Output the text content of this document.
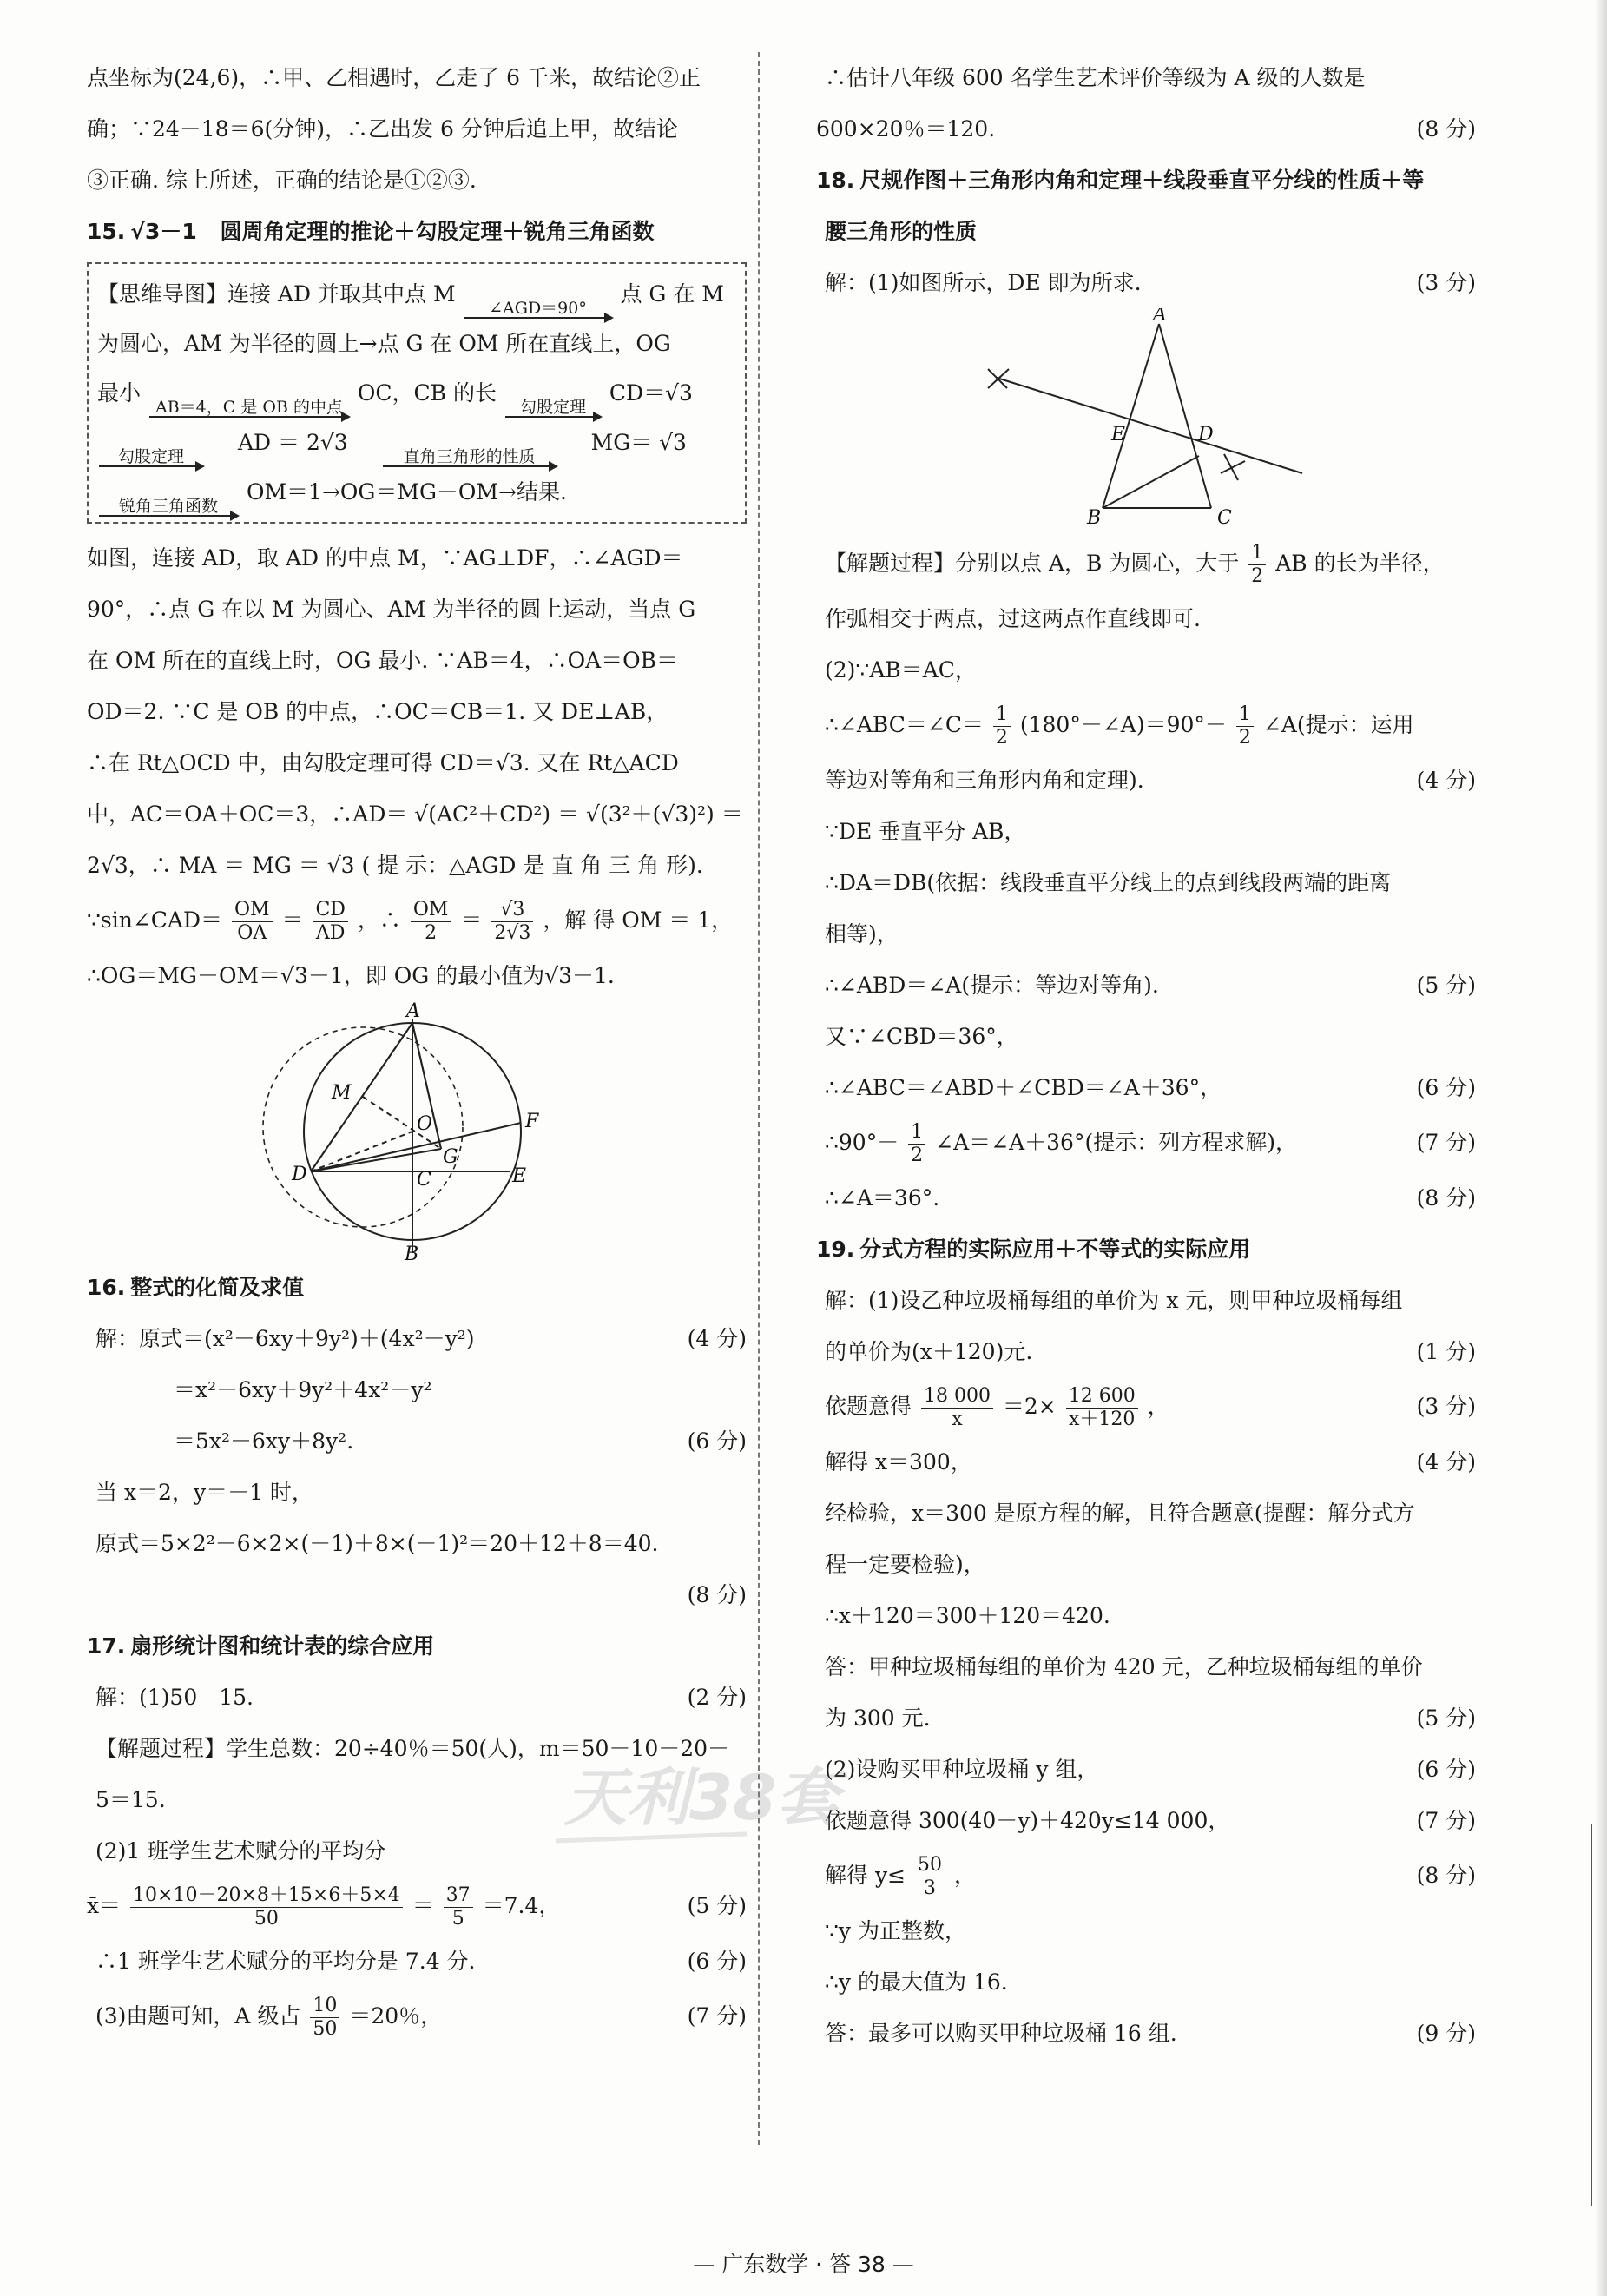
点坐标为(24,6)，∴甲、乙相遇时，乙走了 6 千米，故结论②正
确；∵24－18＝6(分钟)，∴乙出发 6 分钟后追上甲，故结论
③正确. 综上所述，正确的结论是①②③.
15. √3－1 圆周角定理的推论＋勾股定理＋锐角三角函数
【思维导图】连接 AD 并取其中点 M
∠AGD＝90°
点 G 在 M
为圆心，AM 为半径的圆上→点 G 在 OM 所在直线上，OG
最小
AB＝4，C 是 OB 的中点
OC，CB 的长
勾股定理
CD＝√3
勾股定理
AD ＝ 2√3
直角三角形的性质
MG＝ √3
锐角三角函数
OM＝1→OG＝MG－OM→结果.
如图，连接 AD，取 AD 的中点 M，∵AG⊥DF，∴∠AGD＝
90°，∴点 G 在以 M 为圆心、AM 为半径的圆上运动，当点 G
在 OM 所在的直线上时，OG 最小. ∵AB＝4，∴OA＝OB＝
OD＝2. ∵C 是 OB 的中点，∴OC＝CB＝1. 又 DE⊥AB，
∴在 Rt△OCD 中，由勾股定理可得 CD＝√3. 又在 Rt△ACD
中，AC＝OA＋OC＝3，∴AD＝ √(AC²＋CD²) ＝ √(3²＋(√3)²) ＝
2√3，∴ MA ＝ MG ＝ √3 ( 提 示：△AGD 是 直 角 三 角 形).
∵sin∠CAD＝ $\frac{OM}{OA} = \frac{CD}{AD}$ ，∴ $\frac{OM}{2} = \frac{√3}{2√3}$ ，解 得 OM ＝ 1，
∴OG＝MG－OM＝√3－1，即 OG 的最小值为√3－1.
A
M
O	F
G
D	C	E
B
16. 整式的化简及求值
解：原式＝(x²－6xy＋9y²)＋(4x²－y²)	(4 分)
＝x²－6xy＋9y²＋4x²－y²
＝5x²－6xy＋8y².	(6 分)
当 x＝2，y＝－1 时，
原式＝5×2²－6×2×(－1)＋8×(－1)²＝20＋12＋8＝40.
(8 分)
17. 扇形统计图和统计表的综合应用
解：(1)50　15.	(2 分)
【解题过程】学生总数：20÷40％＝50(人)，m＝50－10－20－
5＝15.
(2)1 班学生艺术赋分的平均分
x̄＝ $\frac{10\times 10+20\times 8+15\times 6+5\times 4}{50} = \frac{37}{5} =7.4$，	(5 分)
∴1 班学生艺术赋分的平均分是 7.4 分.	(6 分)
(3)由题可知，A 级占 $\frac{10}{50} =20$％，	(7 分)
∴估计八年级 600 名学生艺术评价等级为 A 级的人数是
600×20％＝120.	(8 分)
18. 尺规作图＋三角形内角和定理＋线段垂直平分线的性质＋等
腰三角形的性质
解：(1)如图所示，DE 即为所求.	(3 分)
A
E	D
B	C
【解题过程】分别以点 A，B 为圆心，大于 $\frac{1}{2}$ AB 的长为半径，
作弧相交于两点，过这两点作直线即可.
(2)∵AB＝AC，
∴∠ABC＝∠C＝ $\frac{1}{2}$ (180°－∠A)＝90°－ $\frac{1}{2}$ ∠A(提示：运用
等边对等角和三角形内角和定理).	(4 分)
∵DE 垂直平分 AB，
∴DA＝DB(依据：线段垂直平分线上的点到线段两端的距离
相等)，
∴∠ABD＝∠A(提示：等边对等角).	(5 分)
又∵∠CBD＝36°，
∴∠ABC＝∠ABD＋∠CBD＝∠A＋36°，	(6 分)
∴90°－ $\frac{1}{2}$ ∠A＝∠A＋36°(提示：列方程求解)，	(7 分)
∴∠A＝36°.	(8 分)
19. 分式方程的实际应用＋不等式的实际应用
解：(1)设乙种垃圾桶每组的单价为 x 元，则甲种垃圾桶每组
的单价为(x＋120)元.	(1 分)
依题意得 $\frac{18 000}{x} =2\times \frac{12 600}{x+120}$ ，	(3 分)
解得 x＝300，	(4 分)
经检验，x＝300 是原方程的解，且符合题意(提醒：解分式方
程一定要检验)，
∴x＋120＝300＋120＝420.
答：甲种垃圾桶每组的单价为 420 元，乙种垃圾桶每组的单价
为 300 元.	(5 分)
(2)设购买甲种垃圾桶 y 组，	(6 分)
依题意得 300(40－y)＋420y≤14 000，	(7 分)
解得 $y\le \frac{50}{3}$ ，	(8 分)
∵y 为正整数，
∴y 的最大值为 16.
答：最多可以购买甲种垃圾桶 16 组.	(9 分)
天利38套
— 广东数学 · 答 38 —
